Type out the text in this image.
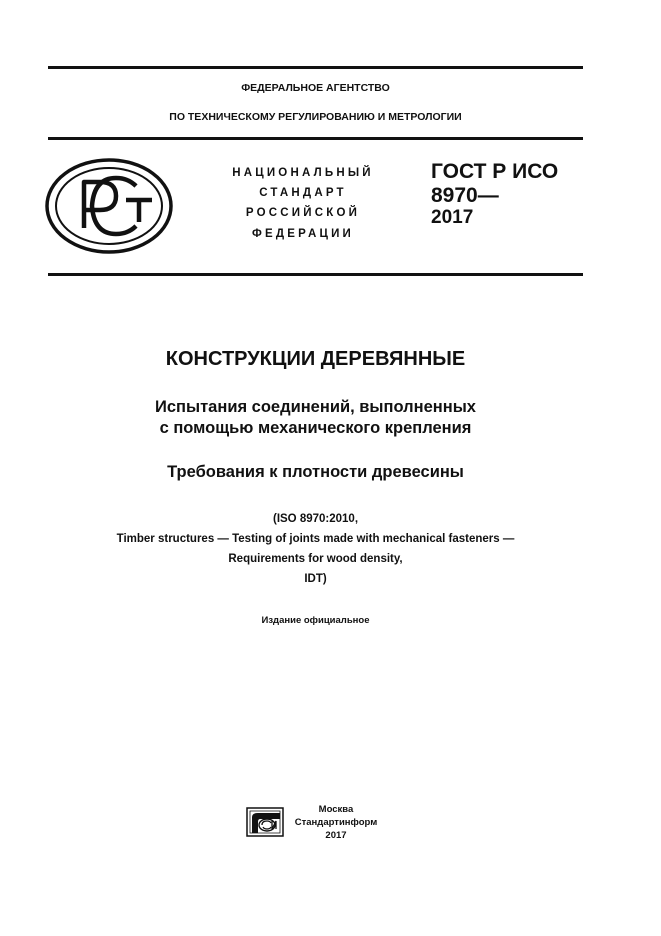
ФЕДЕРАЛЬНОЕ АГЕНТСТВО
ПО ТЕХНИЧЕСКОМУ РЕГУЛИРОВАНИЮ И МЕТРОЛОГИИ
НАЦИОНАЛЬНЫЙ
СТАНДАРТ
РОССИЙСКОЙ
ФЕДЕРАЦИИ
ГОСТ Р ИСО
8970—
2017
КОНСТРУКЦИИ ДЕРЕВЯННЫЕ
Испытания соединений, выполненных
с помощью механического крепления
Требования к плотности древесины
(ISO 8970:2010,
Timber structures — Testing of joints made with mechanical fasteners —
Requirements for wood density,
IDT)
Издание официальное
Москва
Стандартинформ
2017
